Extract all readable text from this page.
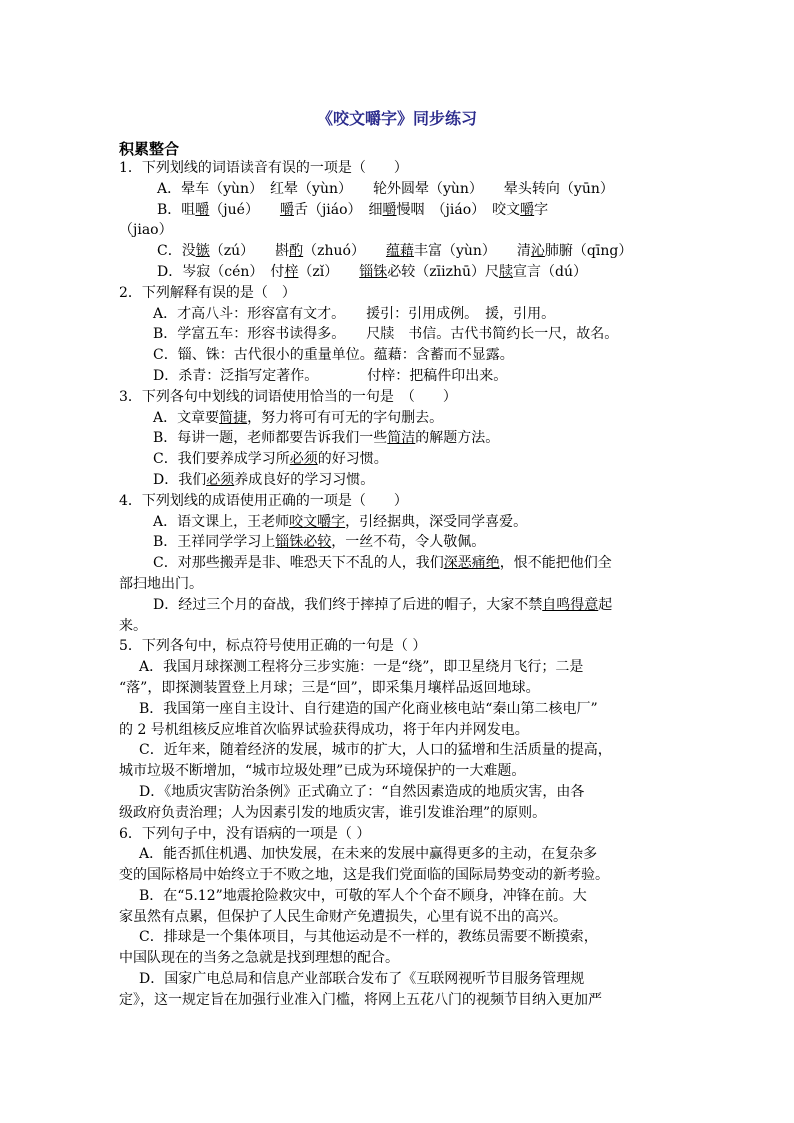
《咬文嚼字》同步练习
积累整合
1．下列划线的词语读音有误的一项是（　　）
A．晕车（yùn）　红晕（yùn）　　轮外圆晕（yùn）　　晕头转向（yūn）
B．咀嚼（jué）　　嚼舌（jiáo）　细嚼慢咽　（jiáo）　咬文嚼字
（jiao）
C．没镞（zú）　　斟酌（zhuó）　　蕴藉丰富（yùn）　　清沁肺腑（qīng）
D．岑寂（cén）　付梓（zǐ）　　锱铢必较（zīizhū）尺牍宣言（dú）
2．下列解释有误的是（　）
A．才高八斗：形容富有文才。　　援引：引用成例。　援，引用。
B．学富五车：形容书读得多。　　尺牍　书信。古代书简约长一尺，故名。
C．锱、铢：古代很小的重量单位。蕴藉：含蓄而不显露。
D．杀青：泛指写定著作。　　　　付梓：把稿件印出来。
3．下列各句中划线的词语使用恰当的一句是　（　　）
A．文章要简捷，努力将可有可无的字句删去。
B．每讲一题，老师都要告诉我们一些简洁的解题方法。
C．我们要养成学习所必须的好习惯。
D．我们必须养成良好的学习习惯。
4．下列划线的成语使用正确的一项是（　　）
A．语文课上，王老师咬文嚼字，引经据典，深受同学喜爱。
B．王祥同学学习上锱铢必较，一丝不苟，令人敬佩。
C．对那些搬弄是非、唯恐天下不乱的人，我们深恶痛绝，恨不能把他们全
部扫地出门。
D．经过三个月的奋战，我们终于摔掉了后进的帽子，大家不禁自鸣得意起
来。
5．下列各句中，标点符号使用正确的一句是（ ）
A．我国月球探测工程将分三步实施：一是“绕”，即卫星绕月飞行；二是
“落”，即探测装置登上月球；三是“回”，即采集月壤样品返回地球。
B．我国第一座自主设计、自行建造的国产化商业核电站“秦山第二核电厂”
的 2 号机组核反应堆首次临界试验获得成功，将于年内并网发电。
C．近年来，随着经济的发展，城市的扩大，人口的猛增和生活质量的提高，
城市垃圾不断增加，“城市垃圾处理”已成为环境保护的一大难题。
D．《地质灾害防治条例》正式确立了：“自然因素造成的地质灾害，由各
级政府负责治理；人为因素引发的地质灾害，谁引发谁治理”的原则。
6．下列句子中，没有语病的一项是（ ）
A．能否抓住机遇、加快发展，在未来的发展中赢得更多的主动，在复杂多
变的国际格局中始终立于不败之地，这是我们党面临的国际局势变动的新考验。
B．在“5.12”地震抢险救灾中，可敬的军人个个奋不顾身，冲锋在前。大
家虽然有点累，但保护了人民生命财产免遭损失，心里有说不出的高兴。
C．排球是一个集体项目，与其他运动是不一样的，教练员需要不断摸索，
中国队现在的当务之急就是找到理想的配合。
D．国家广电总局和信息产业部联合发布了《互联网视听节目服务管理规
定》，这一规定旨在加强行业准入门槛，将网上五花八门的视频节目纳入更加严
